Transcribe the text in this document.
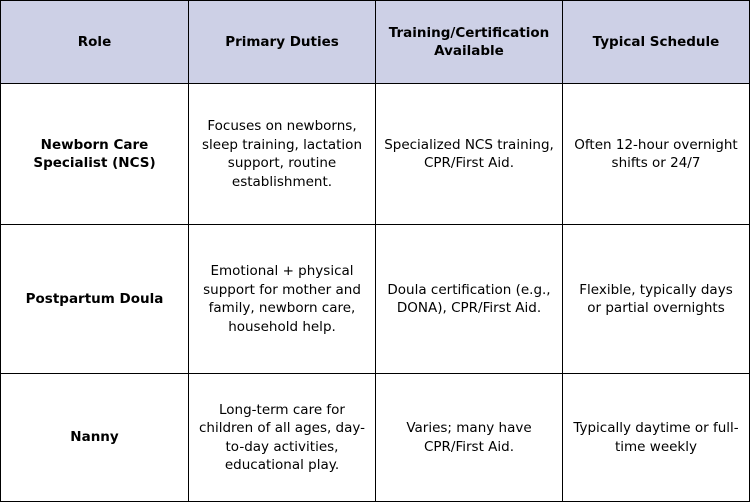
Role	Primary Duties	Training/Certification Available	Typical Schedule
Newborn Care Specialist (NCS)	Focuses on newborns, sleep training, lactation support, routine establishment.	Specialized NCS training, CPR/First Aid.	Often 12-hour overnight shifts or 24/7
Postpartum Doula	Emotional + physical support for mother and family, newborn care, household help.	Doula certification (e.g., DONA), CPR/First Aid.	Flexible, typically days or partial overnights
Nanny	Long-term care for children of all ages, day-to-day activities, educational play.	Varies; many have CPR/First Aid.	Typically daytime or full-time weekly
